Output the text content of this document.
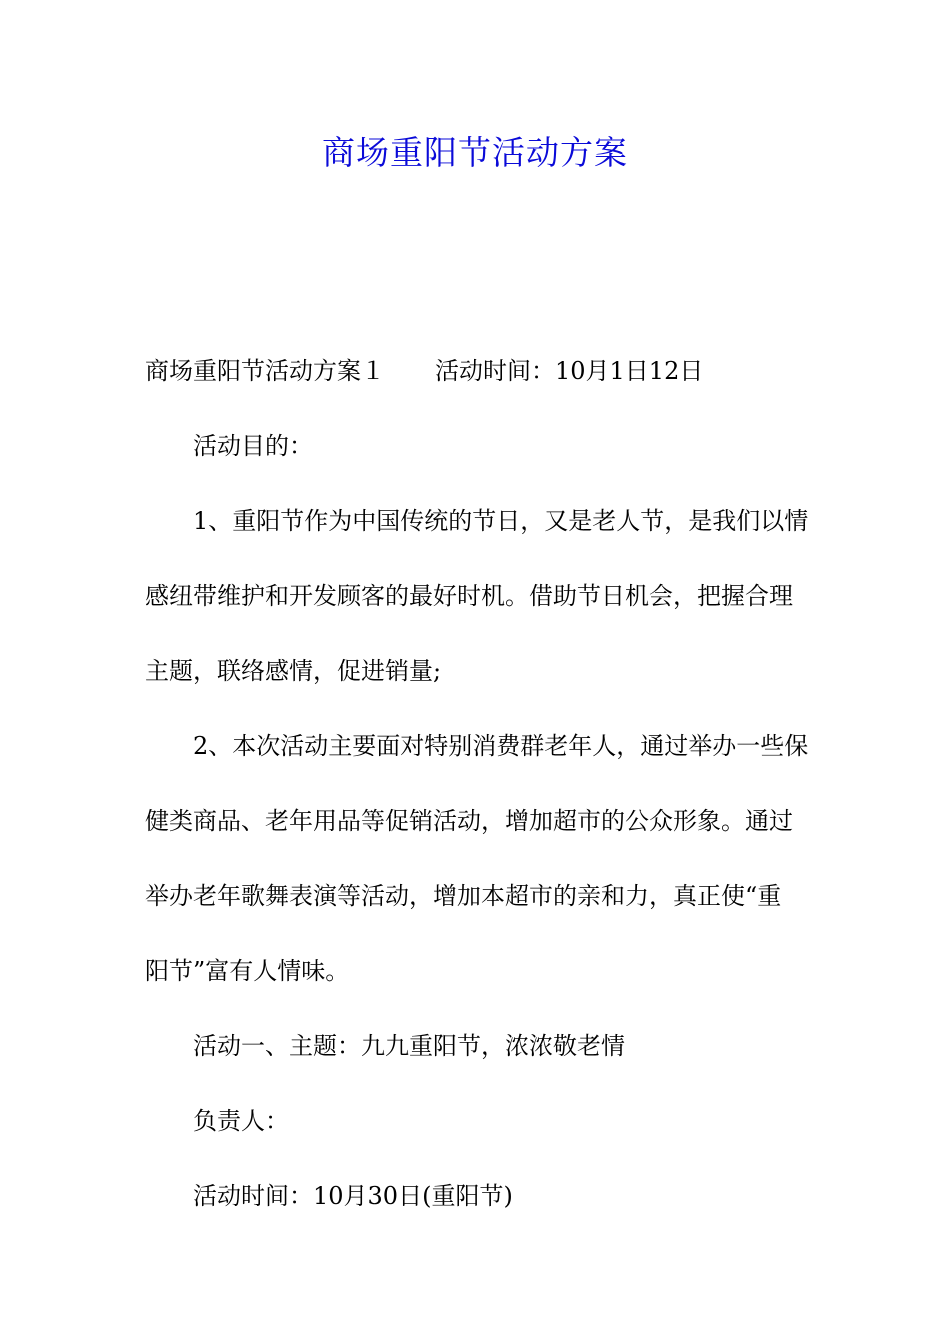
商场重阳节活动方案

商场重阳节活动方案１ 活动时间：10月1日12日

活动目的：

1、重阳节作为中国传统的节日，又是老人节，是我们以情

感纽带维护和开发顾客的最好时机。借助节日机会，把握合理

主题，联络感情，促进销量;

2、本次活动主要面对特别消费群老年人，通过举办一些保

健类商品、老年用品等促销活动，增加超市的公众形象。通过

举办老年歌舞表演等活动，增加本超市的亲和力，真正使“重

阳节”富有人情味。

活动一、主题：九九重阳节，浓浓敬老情

负责人：

活动时间：10月30日(重阳节)
